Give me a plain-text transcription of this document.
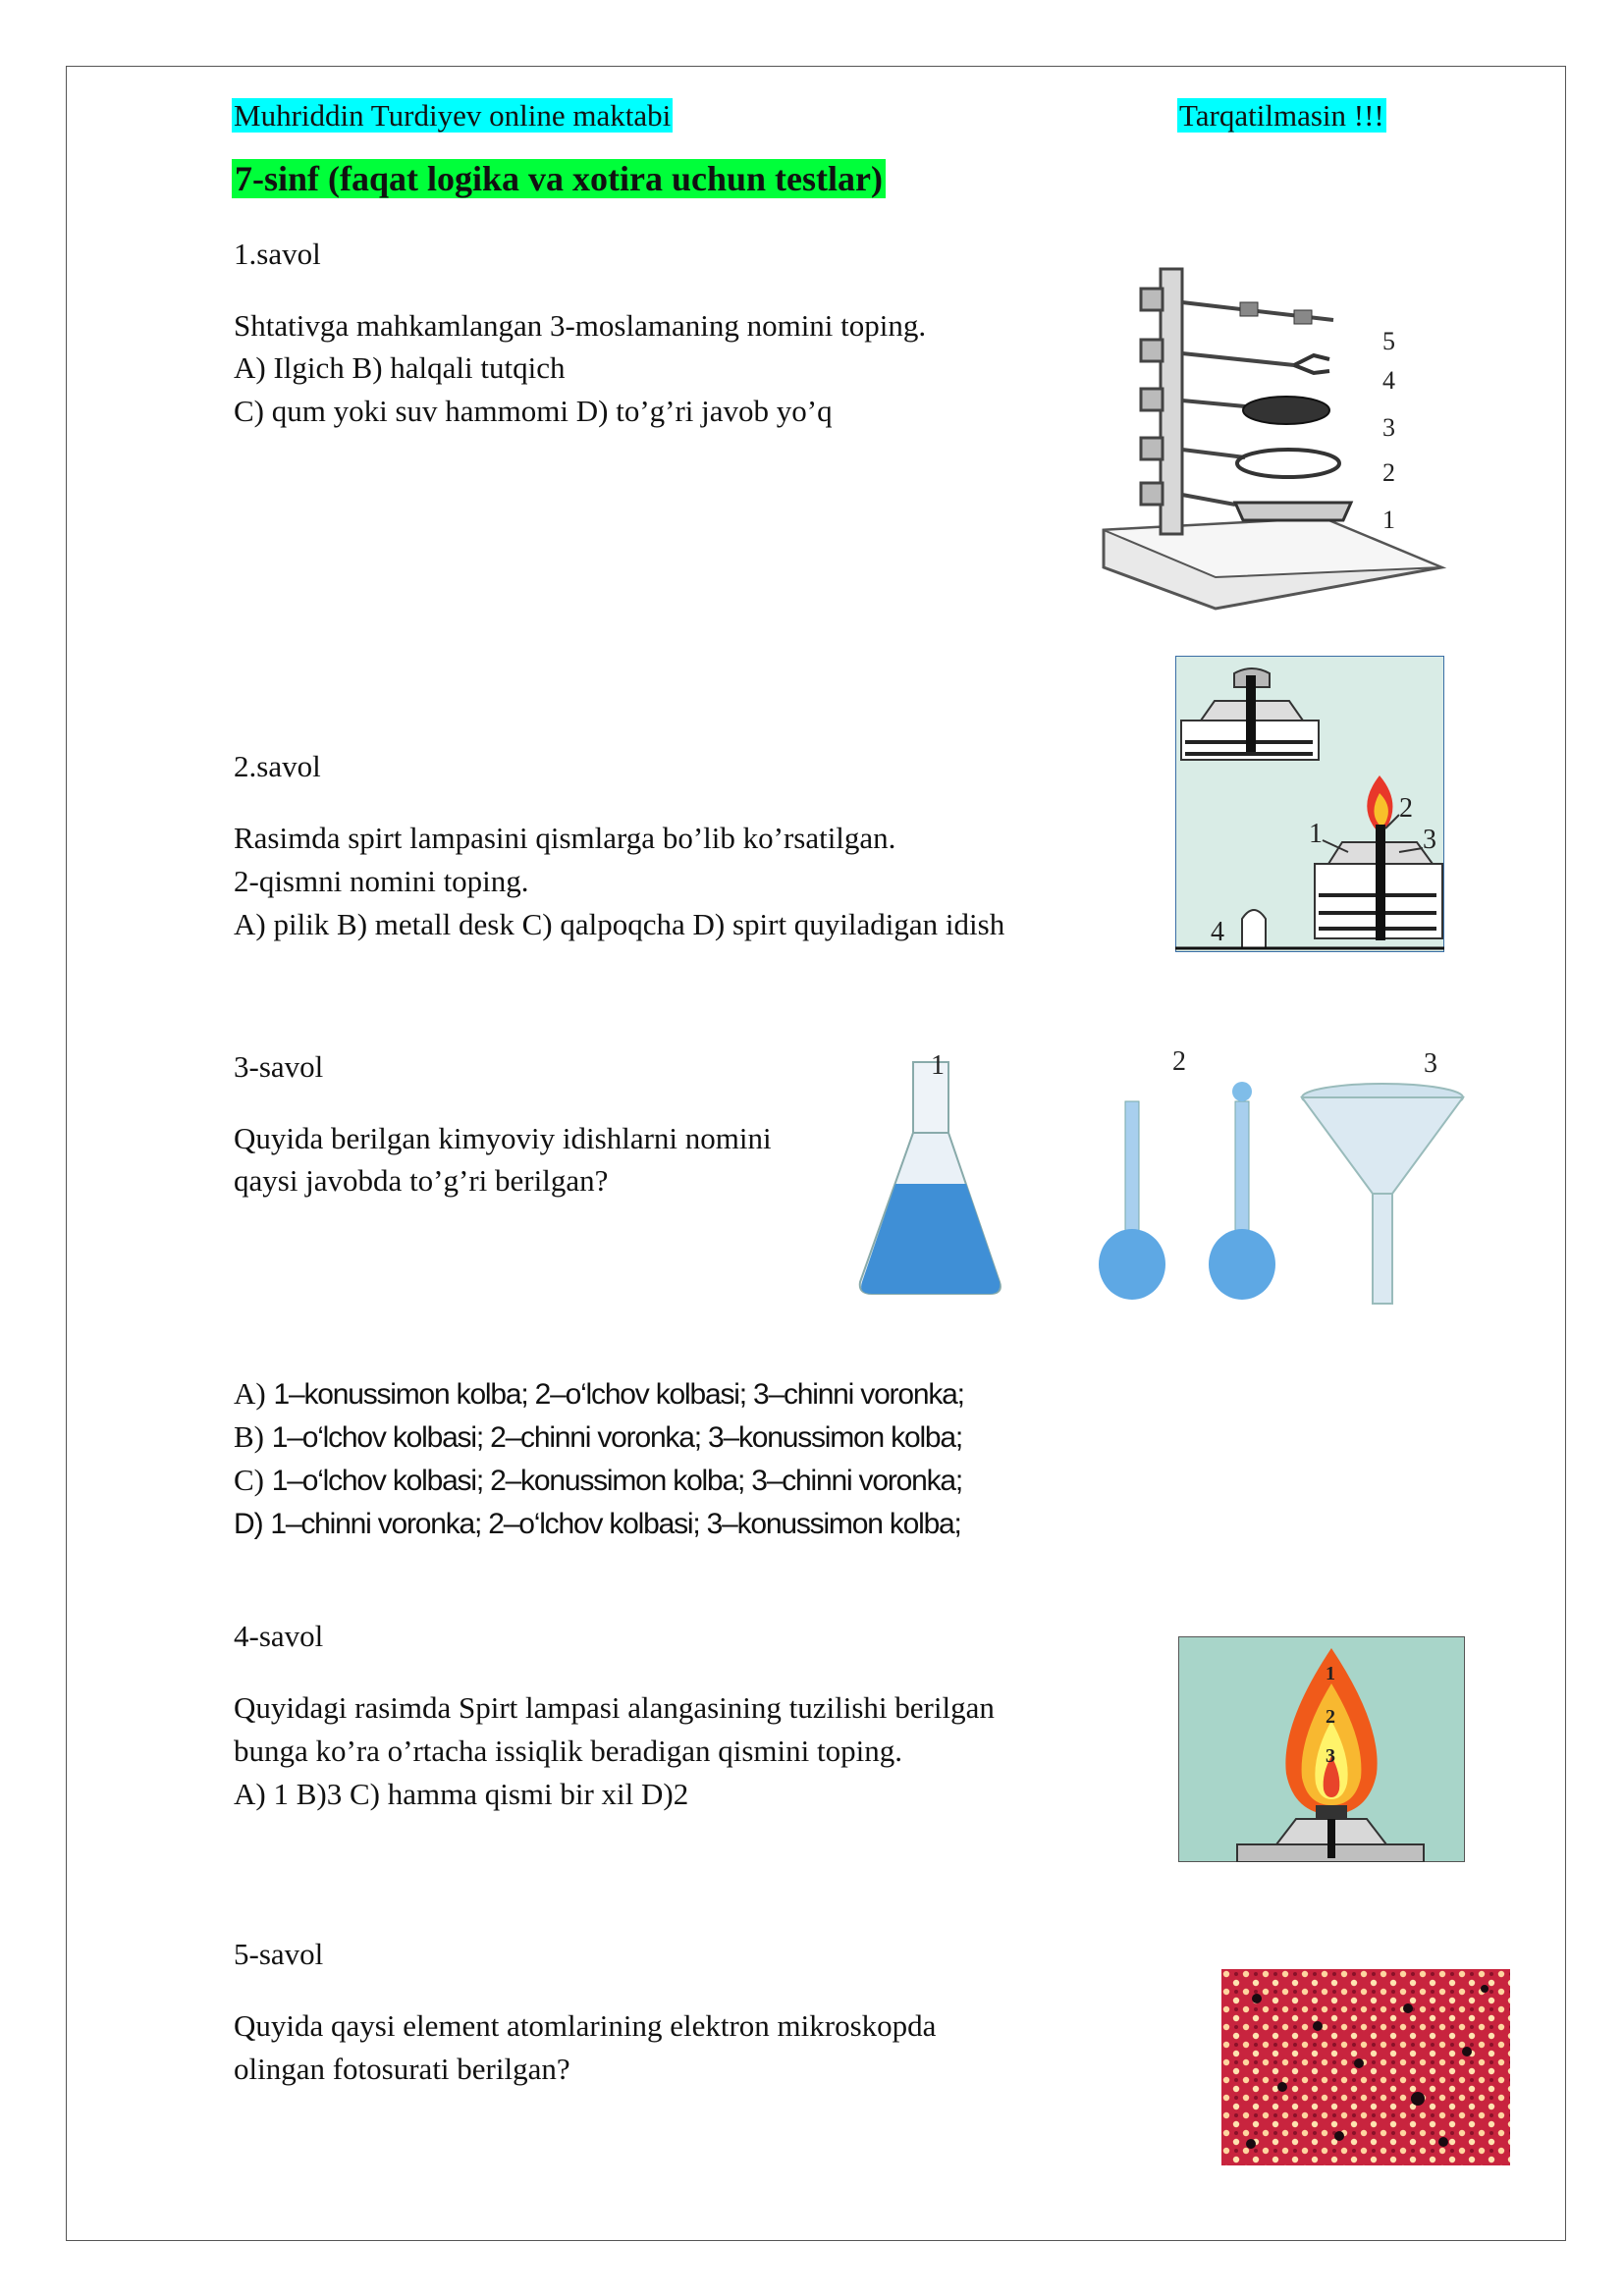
Muhriddin Turdiyev online maktabi	Tarqatilmasin !!!
7-sinf (faqat logika va xotira uchun testlar)
1.savol
Shtativga mahkamlangan 3-moslamaning nomini toping.
A) Ilgich B) halqali tutqich
C) qum yoki suv hammomi D) to’g’ri javob yo’q
5
4
3
2
1
2.savol
Rasimda spirt lampasini qismlarga bo’lib ko’rsatilgan.
2-qismni nomini toping.
A) pilik B) metall desk C) qalpoqcha D) spirt quyiladigan idish
1
2
3
4
3-savol
Quyida berilgan kimyoviy idishlarni nomini
qaysi javobda to’g’ri berilgan?
1	2	3
A) 1–konussimon kolba; 2–o‘lchov kolbasi; 3–chinni voronka;
B) 1–o‘lchov kolbasi; 2–chinni voronka; 3–konussimon kolba;
C) 1–o‘lchov kolbasi; 2–konussimon kolba; 3–chinni voronka;
D) 1–chinni voronka; 2–o‘lchov kolbasi; 3–konussimon kolba;
4-savol
Quyidagi rasimda Spirt lampasi alangasining tuzilishi berilgan
bunga ko’ra o’rtacha issiqlik beradigan qismini toping.
A) 1 B)3 C) hamma qismi bir xil D)2
1
2
3
5-savol
Quyida qaysi element atomlarining elektron mikroskopda
olingan fotosurati berilgan?
